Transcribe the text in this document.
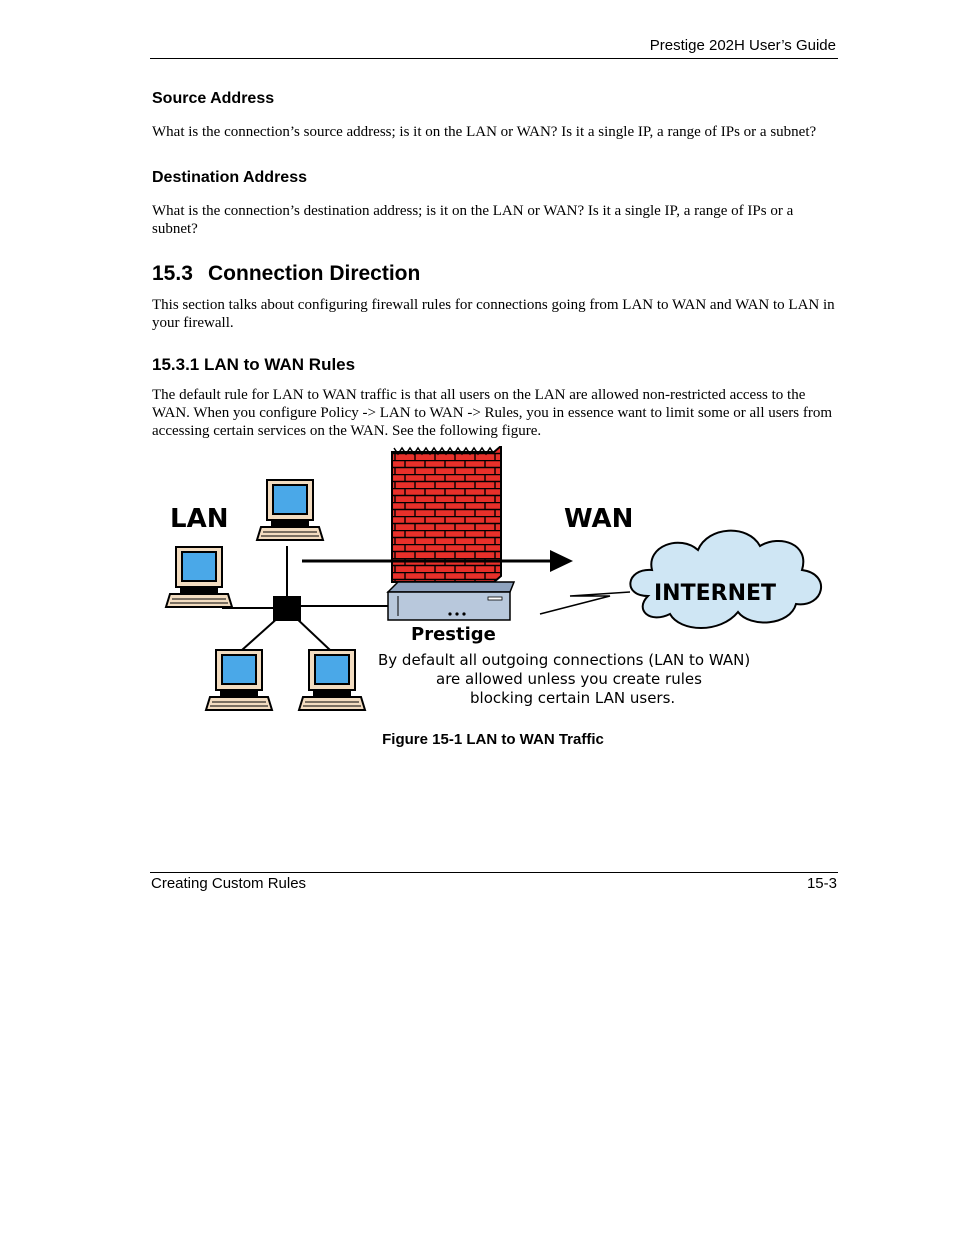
Prestige 202H User’s Guide
Source Address

What is the connection’s source address; is it on the LAN or WAN? Is it a single IP, a range of IPs or a subnet?

Destination Address

What is the connection’s destination address; is it on the LAN or WAN? Is it a single IP, a range of IPs or a subnet?

15.3 Connection Direction

This section talks about configuring firewall rules for connections going from LAN to WAN and WAN to LAN in your firewall.

15.3.1 LAN to WAN Rules

The default rule for LAN to WAN traffic is that all users on the LAN are allowed non-restricted access to the WAN. When you configure Policy -> LAN to WAN -> Rules, you in essence want to limit some or all users from accessing certain services on the WAN. See the following figure.

LAN	WAN
INTERNET
Prestige
By default all outgoing connections (LAN to WAN)
are allowed unless you create rules
blocking certain LAN users.
Figure 15-1 LAN to WAN Traffic
Creating Custom Rules	15-3
